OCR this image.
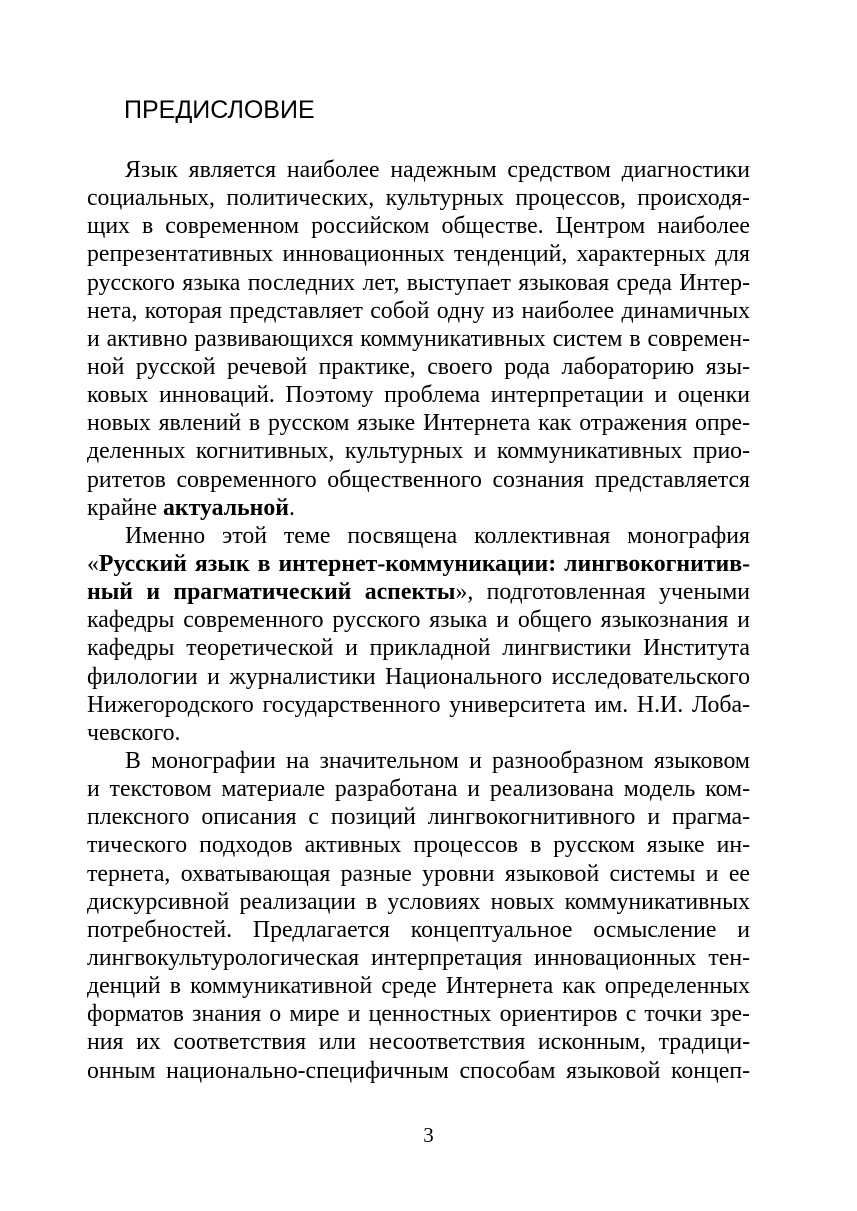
ПРЕДИСЛОВИЕ
Язык является наиболее надежным средством диагностики
социальных, политических, культурных процессов, происходя-
щих в современном российском обществе. Центром наиболее
репрезентативных инновационных тенденций, характерных для
русского языка последних лет, выступает языковая среда Интер-
нета, которая представляет собой одну из наиболее динамичных
и активно развивающихся коммуникативных систем в современ-
ной русской речевой практике, своего рода лабораторию язы-
ковых инноваций. Поэтому проблема интерпретации и оценки
новых явлений в русском языке Интернета как отражения опре-
деленных когнитивных, культурных и коммуникативных прио-
ритетов современного общественного сознания представляется
крайне актуальной.
Именно этой теме посвящена коллективная монография
«Русский язык в интернет-коммуникации: лингвокогнитив-
ный и прагматический аспекты», подготовленная учеными
кафедры современного русского языка и общего языкознания и
кафедры теоретической и прикладной лингвистики Института
филологии и журналистики Национального исследовательского
Нижегородского государственного университета им. Н.И. Лоба-
чевского.
В монографии на значительном и разнообразном языковом
и текстовом материале разработана и реализована модель ком-
плексного описания с позиций лингвокогнитивного и прагма-
тического подходов активных процессов в русском языке ин-
тернета, охватывающая разные уровни языковой системы и ее
дискурсивной реализации в условиях новых коммуникативных
потребностей. Предлагается концептуальное осмысление и
лингвокультурологическая интерпретация инновационных тен-
денций в коммуникативной среде Интернета как определенных
форматов знания о мире и ценностных ориентиров с точки зре-
ния их соответствия или несоответствия исконным, традици-
онным национально-специфичным способам языковой концеп-
3
